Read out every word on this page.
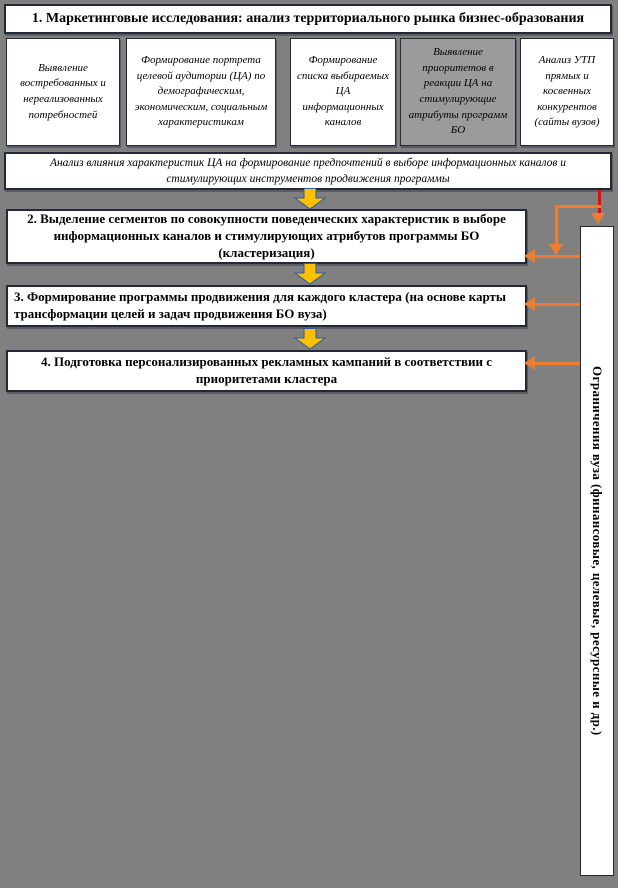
1. Маркетинговые исследования: анализ территориального рынка бизнес-образования
Выявление востребованных и нереализованных потребностей
Формирование портрета целевой аудитории (ЦА) по демографическим, экономическим, социальным характеристикам
Формирование списка выбираемых ЦА информационных каналов
Выявление приоритетов в реакции ЦА на стимулирующие атрибуты программ БО
Анализ УТП прямых и косвенных конкурентов (сайты вузов)
Анализ влияния характеристик ЦА на формирование предпочтений в выборе информационных каналов и стимулирующих инструментов продвижения программы
2. Выделение сегментов по совокупности поведенческих характеристик в выборе информационных каналов и стимулирующих атрибутов программы БО (кластеризация)
3. Формирование программы продвижения для каждого кластера (на основе карты трансформации целей и задач продвижения БО вуза)
4. Подготовка персонализированных рекламных кампаний в соответствии с приоритетами кластера	Ограничения вуза (финансовые, целевые, ресурсные и др.)
